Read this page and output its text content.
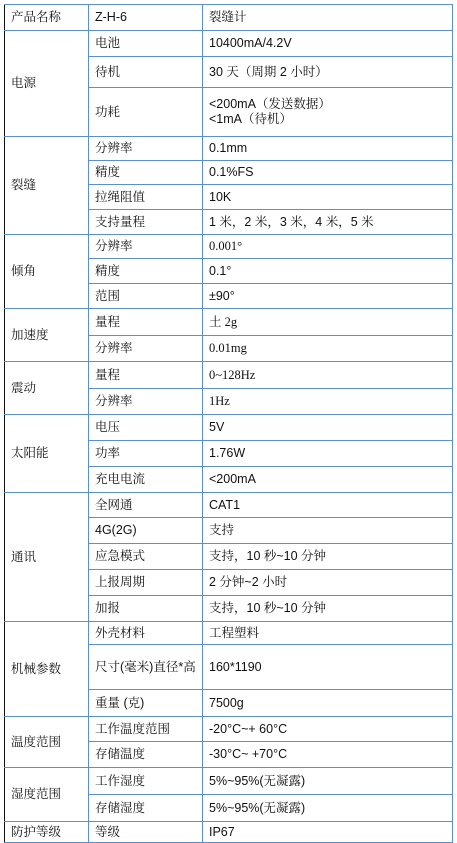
产品名称	Z-H-6	裂缝计
电源	电池	10400mA/4.2V
	待机	30 天（周期 2 小时）
	功耗	<200mA（发送数据）
<1mA（待机）

裂缝	分辨率	0.1mm
	精度	0.1%FS
	拉绳阻值	10K
	支持量程	1 米，2 米，3 米，4 米，5 米
倾角	分辨率	0.001°
	精度	0.1°
	范围	±90°
加速度	量程	土 2g
	分辨率	0.01mg
震动	量程	0~128Hz
	分辨率	1Hz
太阳能	电压	5V
	功率	1.76W
	充电电流	<200mA
通讯	全网通	CAT1
	4G(2G)	支持
	应急模式	支持，10 秒~10 分钟
	上报周期	2 分钟~2 小时
	加报	支持，10 秒~10 分钟
机械参数	外壳材料	工程塑料
	尺寸(毫米)直径*高	160*1190
	重量 (克)	7500g
温度范围	工作温度范围	-20°C~+ 60°C
	存储温度	-30°C~ +70°C
湿度范围	工作湿度	5%~95%(无凝露)
	存储湿度	5%~95%(无凝露)
防护等级	等级	IP67
